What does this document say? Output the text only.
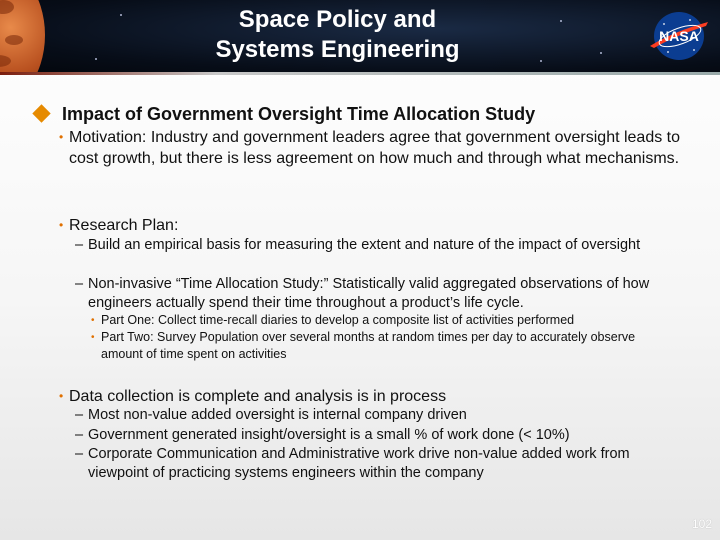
Space Policy and
Systems Engineering	NASA
Impact of Government Oversight Time Allocation Study
• Motivation: Industry and government leaders agree that government oversight leads to cost growth, but there is less agreement on how much and through what mechanisms.
• Research Plan:
– Build an empirical basis for measuring the extent and nature of the impact of oversight
– Non-invasive “Time Allocation Study:” Statistically valid aggregated observations of how engineers actually spend their time throughout a product’s life cycle.
• Part One: Collect time-recall diaries to develop a composite list of activities performed
• Part Two: Survey Population over several months at random times per day to accurately observe amount of time spent on activities
• Data collection is complete and analysis is in process
– Most non-value added oversight is internal company driven
– Government generated insight/oversight is a small % of work done (< 10%)
– Corporate Communication and Administrative work drive non-value added work from viewpoint of practicing systems engineers within the company
102
